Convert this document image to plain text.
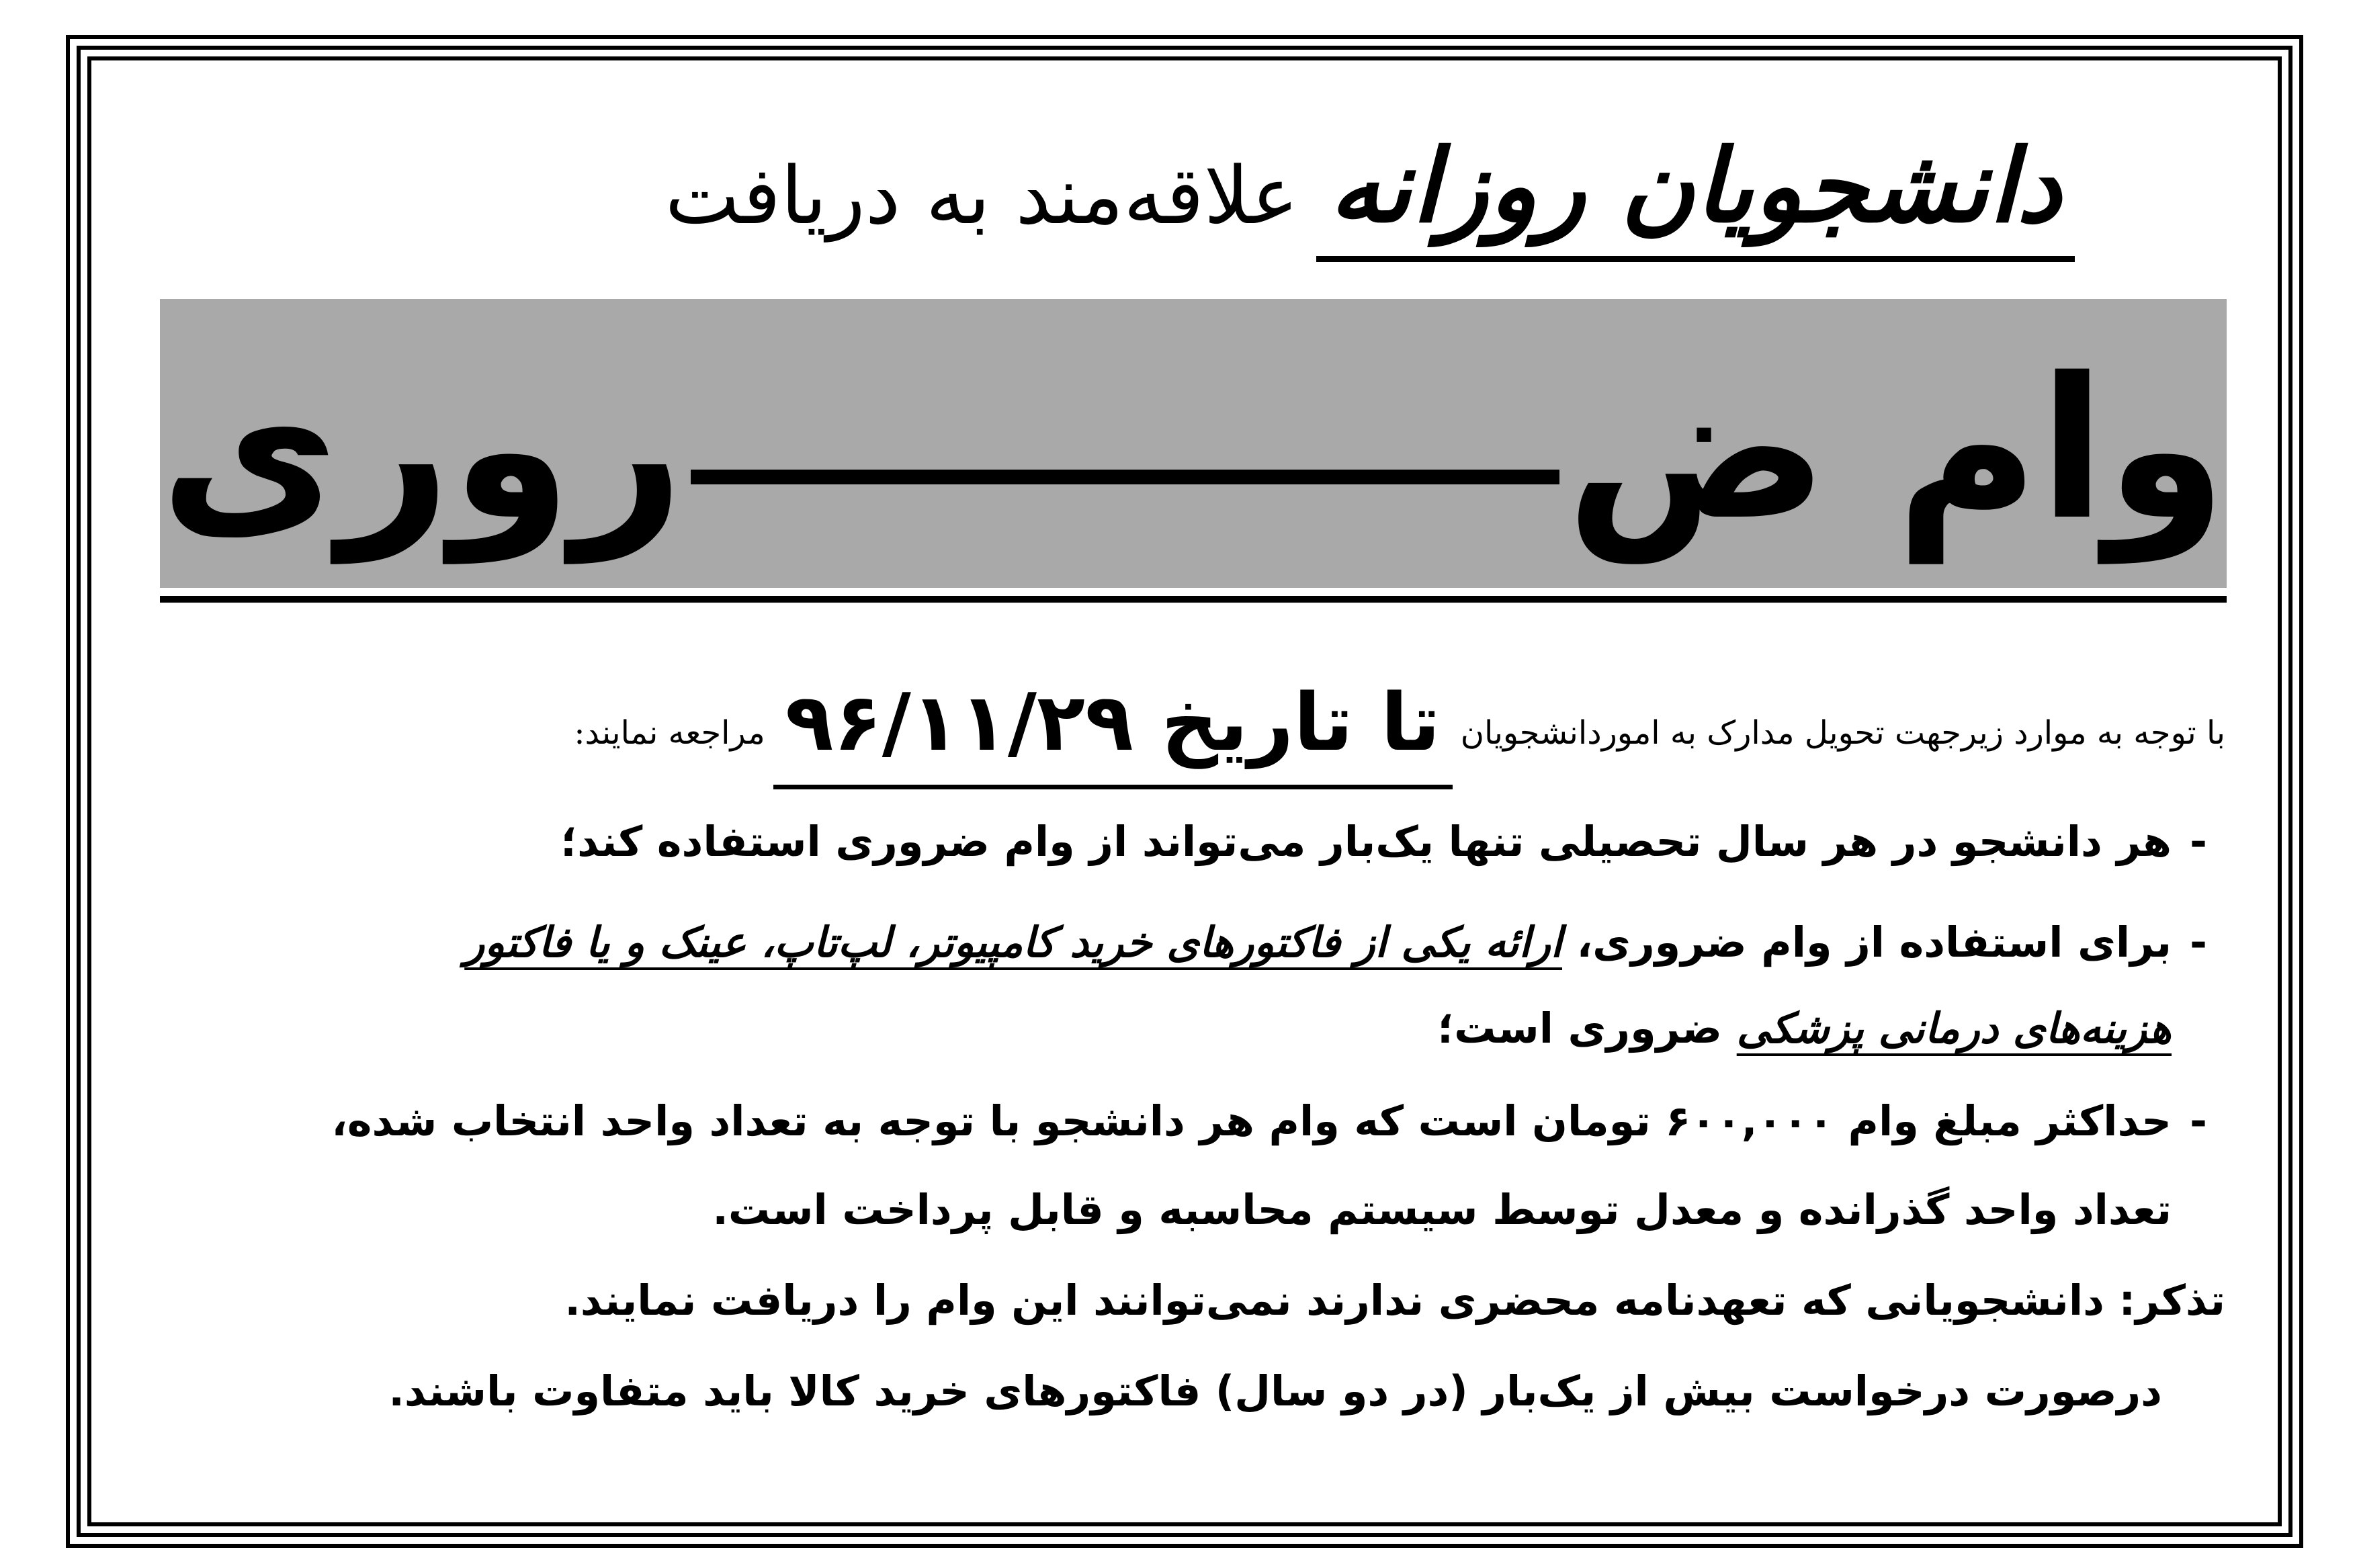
دانشجویان روزانه
علاقه‌مند به دریافت
وام ض
روری
با توجه به موارد زیرجهت تحویل مدارک به اموردانشجویان
تا تاریخ ۹۶/۱۱/۲۹
مراجعه نمایند:
-هر دانشجو در هر سال تحصیلی تنها یک‌بار می‌تواند از وام ضروری استفاده کند؛
-برای استفاده از وام ضروری، ارائه یکی از فاکتورهای خرید کامپیوتر، لپ‌تاپ، عینک و یا فاکتور
هزینه‌های درمانی پزشکی ضروری است؛
-حداکثر مبلغ وام ۶۰۰,۰۰۰ تومان است که وام هر دانشجو با توجه به تعداد واحد انتخاب شده،
تعداد واحد گذرانده و معدل توسط سیستم محاسبه و قابل پرداخت است.
تذکر: دانشجویانی که تعهدنامه محضری ندارند نمی‌توانند این وام را دریافت نمایند.
درصورت درخواست بیش از یک‌بار (در دو سال) فاکتورهای خرید کالا باید متفاوت باشند.
